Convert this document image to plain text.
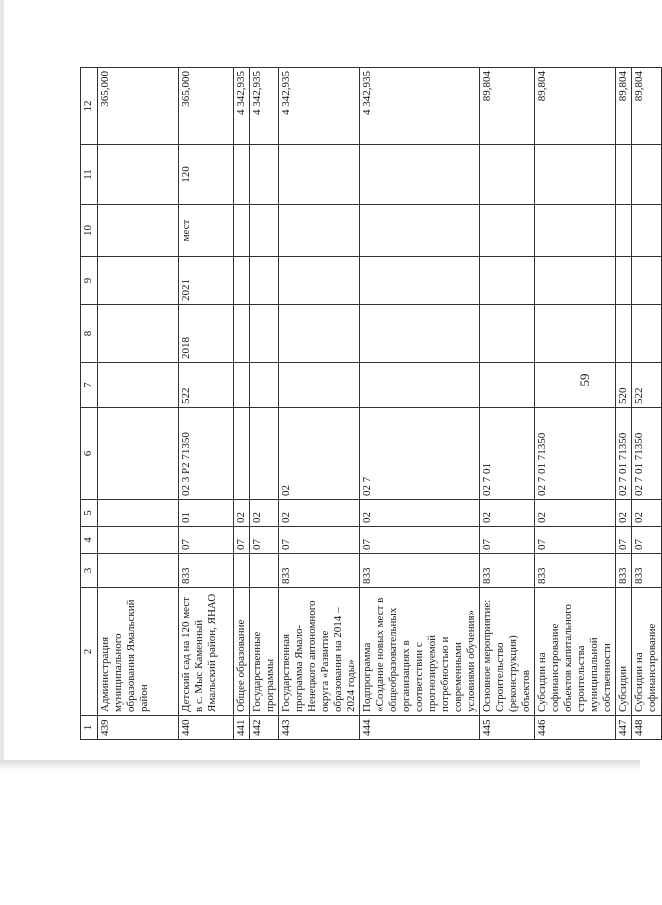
1	2	3	4	5	6	7	8	9	10	11	12
439	Администрация муниципального образования Ямальский район										365,000
440	Детский сад на 120 мест в с. Мыс Каменный Ямальский район, ЯНАО	833	07	01	02 3 P2 71350	522	2018	2021	мест	120	365,000
441	Общее образование		07	02							4 342,935
442	Государственные программы		07	02							4 342,935
443	Государственная программа Ямало-Ненецкого автономного округа «Развитие образования на 2014 – 2024 годы»	833	07	02	02						4 342,935
444	Подпрограмма «Создание новых мест в общеобразовательных организациях в соответствии с прогнозируемой потребностью и современными условиями обучения»	833	07	02	02 7						4 342,935
445	Основное мероприятие: Строительство (реконструкция) объектов	833	07	02	02 7 01						89,804
446	Субсидии на софинансирование объектов капитального строительства муниципальной собственности	833	07	02	02 7 01 71350						89,804
447	Субсидии	833	07	02	02 7 01 71350	520					89,804
448	Субсидии на софинансирование	833	07	02	02 7 01 71350	522					89,804
59
